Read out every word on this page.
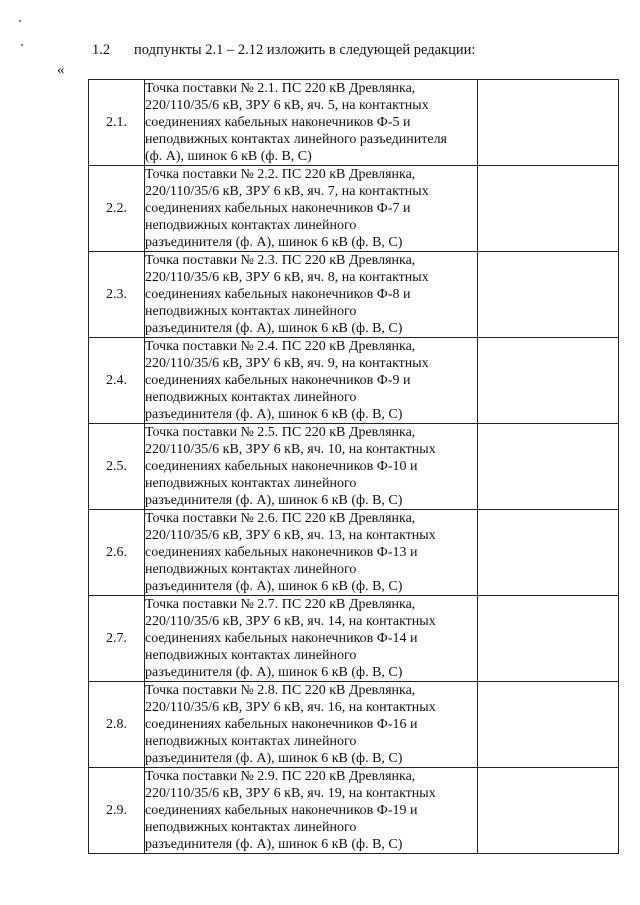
1.2 подпункты 2.1 – 2.12 изложить в следующей редакции:
«
2.1.	Точка поставки № 2.1. ПС 220 кВ Древлянка,
220/110/35/6 кВ, ЗРУ 6 кВ, яч. 5, на контактных
соединениях кабельных наконечников Ф-5 и
неподвижных контактах линейного разъединителя
(ф. А), шинок 6 кВ (ф. В, С)	

2.2.	Точка поставки № 2.2. ПС 220 кВ Древлянка,
220/110/35/6 кВ, ЗРУ 6 кВ, яч. 7, на контактных
соединениях кабельных наконечников Ф-7 и
неподвижных контактах линейного
разъединителя (ф. А), шинок 6 кВ (ф. В, С)	

2.3.	Точка поставки № 2.3. ПС 220 кВ Древлянка,
220/110/35/6 кВ, ЗРУ 6 кВ, яч. 8, на контактных
соединениях кабельных наконечников Ф-8 и
неподвижных контактах линейного
разъединителя (ф. А), шинок 6 кВ (ф. В, С)	

2.4.	Точка поставки № 2.4. ПС 220 кВ Древлянка,
220/110/35/6 кВ, ЗРУ 6 кВ, яч. 9, на контактных
соединениях кабельных наконечников Ф-9 и
неподвижных контактах линейного
разъединителя (ф. А), шинок 6 кВ (ф. В, С)	

2.5.	Точка поставки № 2.5. ПС 220 кВ Древлянка,
220/110/35/6 кВ, ЗРУ 6 кВ, яч. 10, на контактных
соединениях кабельных наконечников Ф-10 и
неподвижных контактах линейного
разъединителя (ф. А), шинок 6 кВ (ф. В, С)	

2.6.	Точка поставки № 2.6. ПС 220 кВ Древлянка,
220/110/35/6 кВ, ЗРУ 6 кВ, яч. 13, на контактных
соединениях кабельных наконечников Ф-13 и
неподвижных контактах линейного
разъединителя (ф. А), шинок 6 кВ (ф. В, С)	

2.7.	Точка поставки № 2.7. ПС 220 кВ Древлянка,
220/110/35/6 кВ, ЗРУ 6 кВ, яч. 14, на контактных
соединениях кабельных наконечников Ф-14 и
неподвижных контактах линейного
разъединителя (ф. А), шинок 6 кВ (ф. В, С)	

2.8.	Точка поставки № 2.8. ПС 220 кВ Древлянка,
220/110/35/6 кВ, ЗРУ 6 кВ, яч. 16, на контактных
соединениях кабельных наконечников Ф-16 и
неподвижных контактах линейного
разъединителя (ф. А), шинок 6 кВ (ф. В, С)	

2.9.	Точка поставки № 2.9. ПС 220 кВ Древлянка,
220/110/35/6 кВ, ЗРУ 6 кВ, яч. 19, на контактных
соединениях кабельных наконечников Ф-19 и
неподвижных контактах линейного
разъединителя (ф. А), шинок 6 кВ (ф. В, С)	
